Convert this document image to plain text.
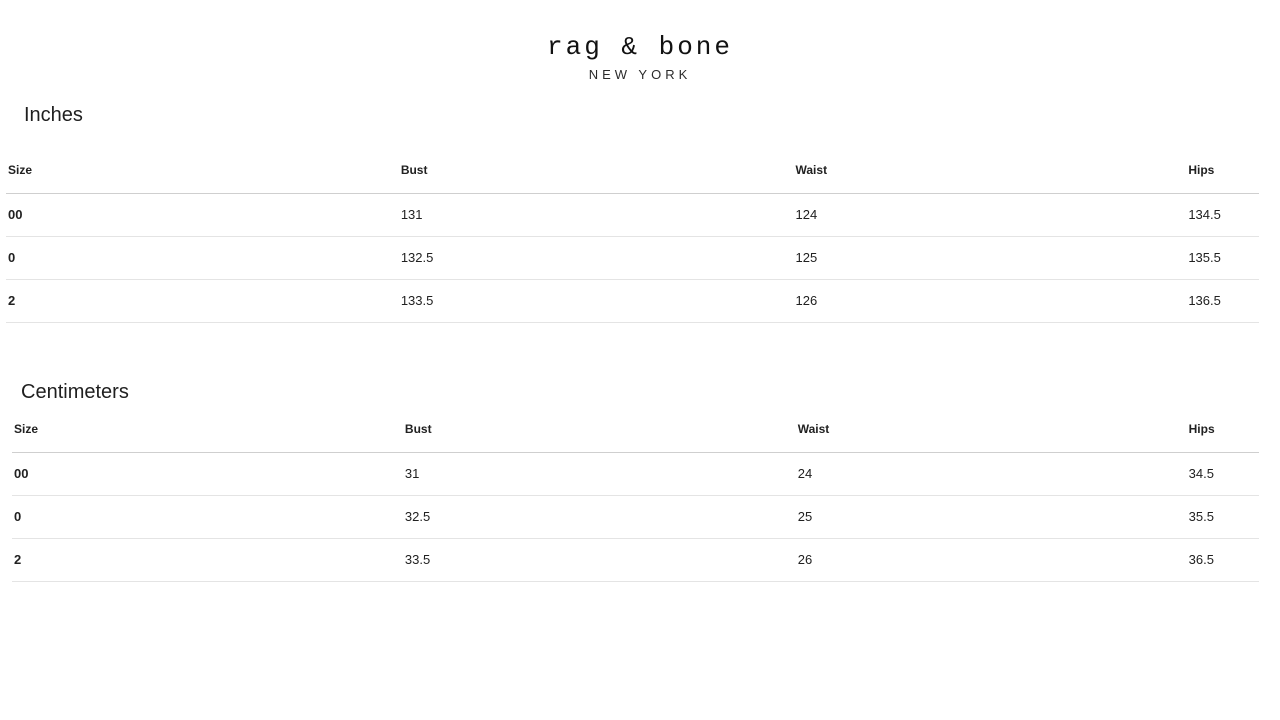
rag & bone
NEW YORK
Inches
Size	Bust	Waist	Hips
00	131	124	134.5
0	132.5	125	135.5
2	133.5	126	136.5
Centimeters
Size	Bust	Waist	Hips
00	31	24	34.5
0	32.5	25	35.5
2	33.5	26	36.5
